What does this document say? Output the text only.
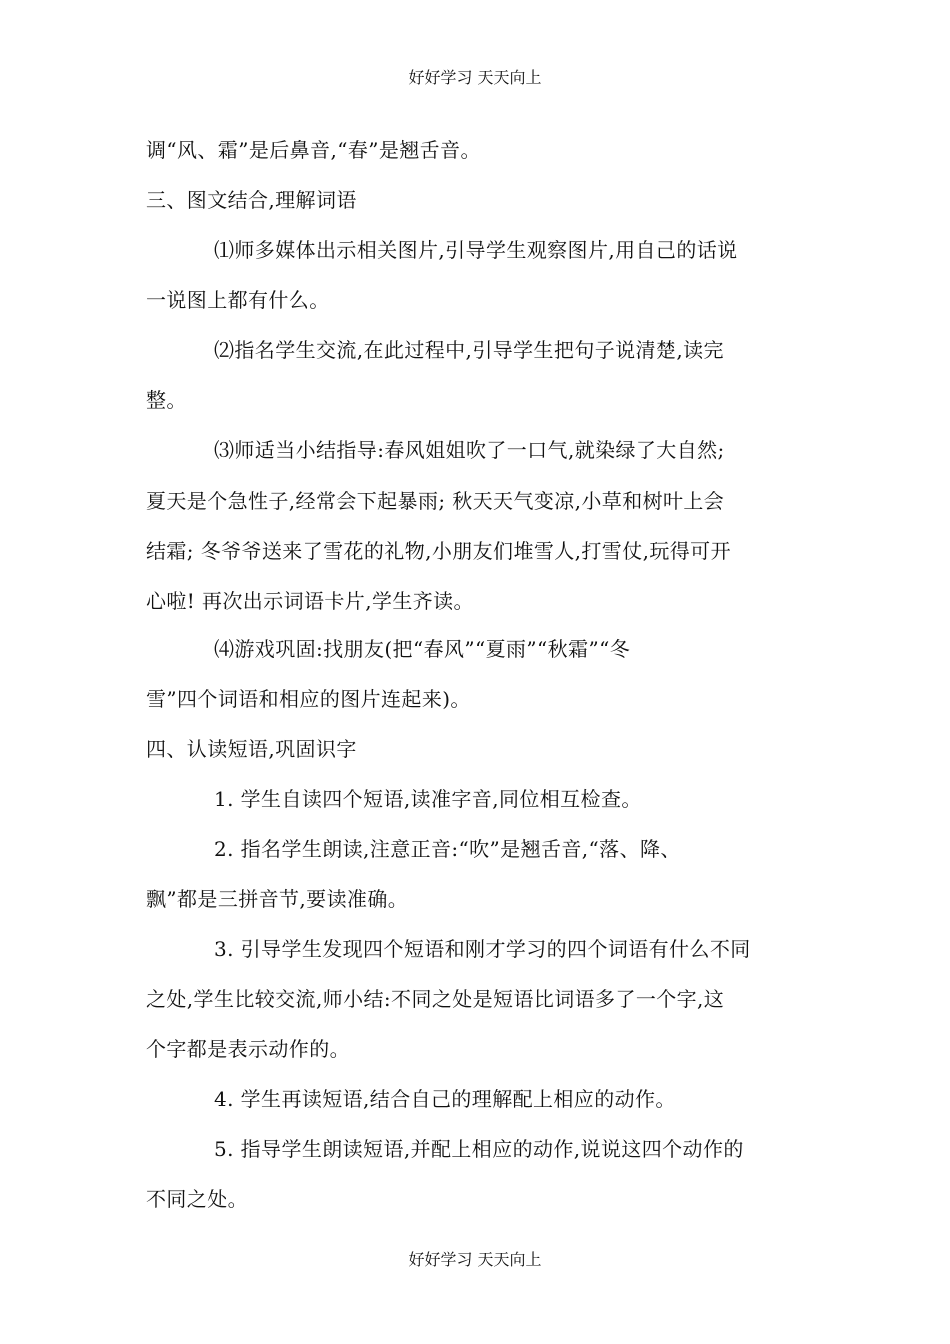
好好学习 天天向上
调“风、霜”是后鼻音,“春”是翘舌音。
三、图文结合,理解词语
⑴师多媒体出示相关图片,引导学生观察图片,用自己的话说
一说图上都有什么。
⑵指名学生交流,在此过程中,引导学生把句子说清楚,读完
整。
⑶师适当小结指导:春风姐姐吹了一口气,就染绿了大自然;
夏天是个急性子,经常会下起暴雨; 秋天天气变凉,小草和树叶上会
结霜; 冬爷爷送来了雪花的礼物,小朋友们堆雪人,打雪仗,玩得可开
心啦! 再次出示词语卡片,学生齐读。
⑷游戏巩固:找朋友(把“春风”“夏雨”“秋霜”“冬
雪”四个词语和相应的图片连起来)。
四、认读短语,巩固识字
1. 学生自读四个短语,读准字音,同位相互检查。
2. 指名学生朗读,注意正音:“吹”是翘舌音,“落、降、
飘”都是三拼音节,要读准确。
3. 引导学生发现四个短语和刚才学习的四个词语有什么不同
之处,学生比较交流,师小结:不同之处是短语比词语多了一个字,这
个字都是表示动作的。
4. 学生再读短语,结合自己的理解配上相应的动作。
5. 指导学生朗读短语,并配上相应的动作,说说这四个动作的
不同之处。
好好学习 天天向上
